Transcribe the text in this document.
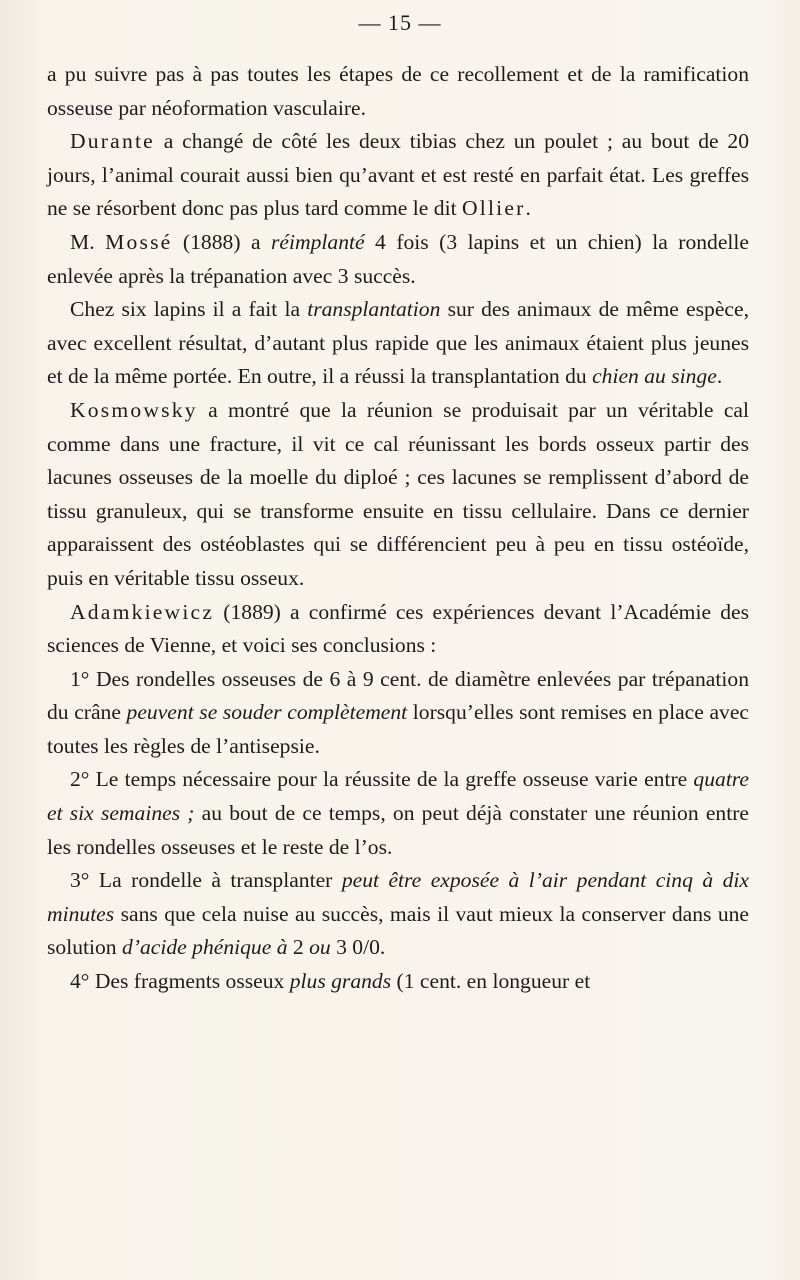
— 15 —

a pu suivre pas à pas toutes les étapes de ce recollement et de la ramification osseuse par néoformation vasculaire.

Durante a changé de côté les deux tibias chez un poulet ; au bout de 20 jours, l’animal courait aussi bien qu’avant et est resté en parfait état. Les greffes ne se résorbent donc pas plus tard comme le dit Ollier.

M. Mossé (1888) a réimplanté 4 fois (3 lapins et un chien) la rondelle enlevée après la trépanation avec 3 succès.

Chez six lapins il a fait la transplantation sur des animaux de même espèce, avec excellent résultat, d’autant plus rapide que les animaux étaient plus jeunes et de la même portée. En outre, il a réussi la transplantation du chien au singe.

Kosmowsky a montré que la réunion se produisait par un véritable cal comme dans une fracture, il vit ce cal réunissant les bords osseux partir des lacunes osseuses de la moelle du diploé ; ces lacunes se remplissent d’abord de tissu granuleux, qui se transforme ensuite en tissu cellulaire. Dans ce dernier apparaissent des ostéoblastes qui se différencient peu à peu en tissu ostéoïde, puis en véritable tissu osseux.

Adamkiewicz (1889) a confirmé ces expériences devant l’Académie des sciences de Vienne, et voici ses conclusions :

1° Des rondelles osseuses de 6 à 9 cent. de diamètre enlevées par trépanation du crâne peuvent se souder complètement lorsqu’elles sont remises en place avec toutes les règles de l’antisepsie.

2° Le temps nécessaire pour la réussite de la greffe osseuse varie entre quatre et six semaines ; au bout de ce temps, on peut déjà constater une réunion entre les rondelles osseuses et le reste de l’os.

3° La rondelle à transplanter peut être exposée à l’air pendant cinq à dix minutes sans que cela nuise au succès, mais il vaut mieux la conserver dans une solution d’acide phénique à 2 ou 3 0/0.

4° Des fragments osseux plus grands (1 cent. en longueur et
